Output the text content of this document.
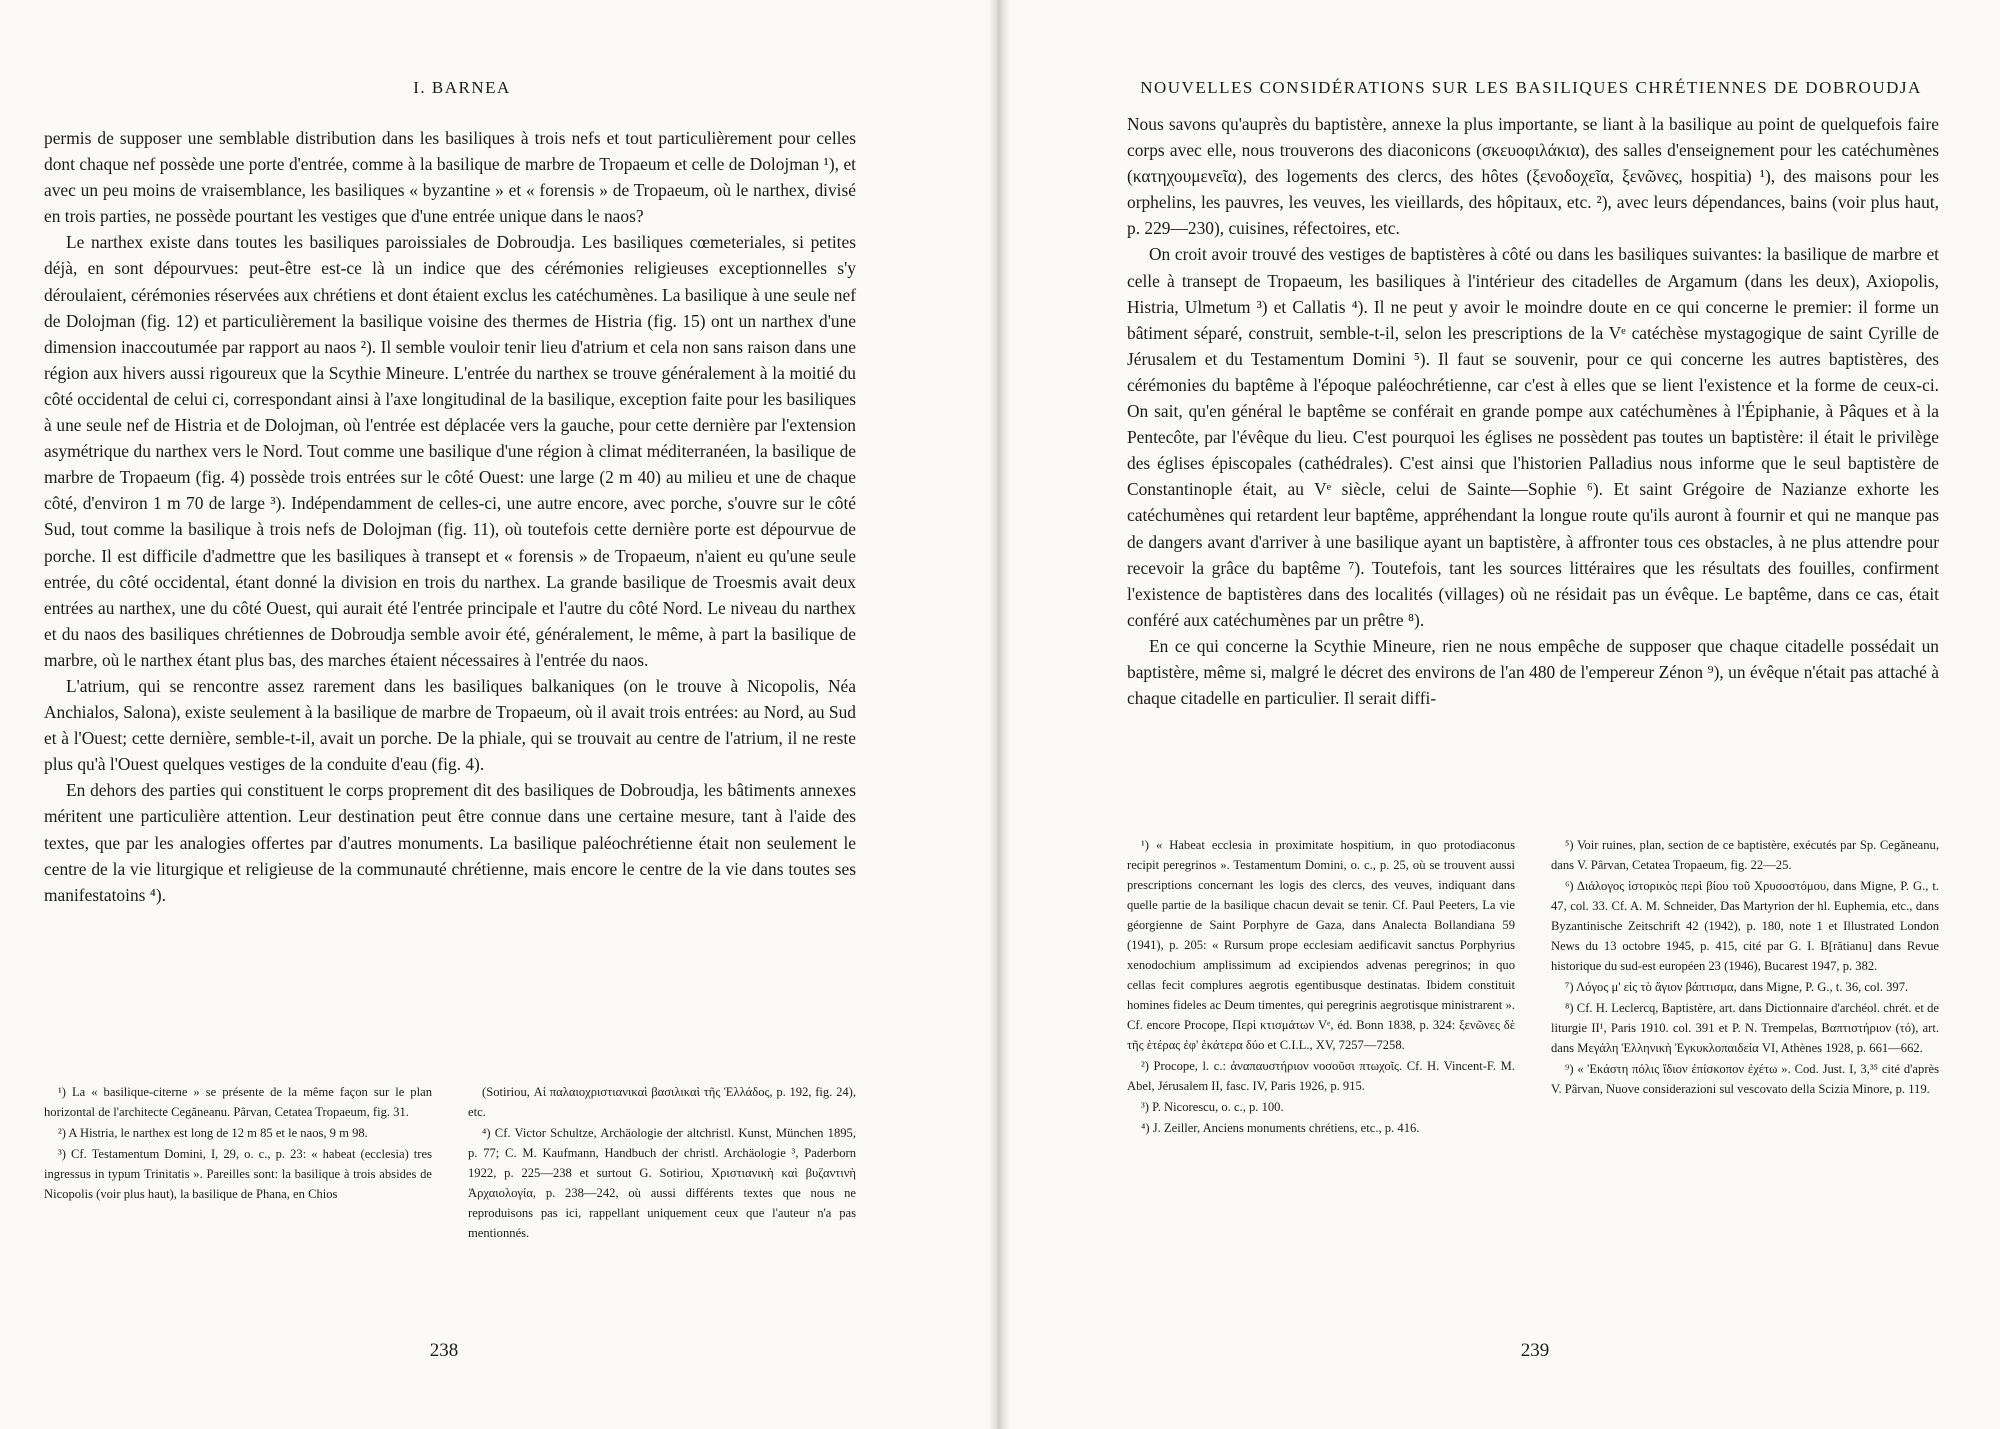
I. BARNEA

permis de supposer une semblable distribution dans les basiliques à trois nefs et tout particulièrement pour celles dont chaque nef possède une porte d'entrée, comme à la basilique de marbre de Tropaeum et celle de Dolojman ¹), et avec un peu moins de vraisemblance, les basiliques « byzantine » et « forensis » de Tropaeum, où le narthex, divisé en trois parties, ne possède pourtant les vestiges que d'une entrée unique dans le naos?

Le narthex existe dans toutes les basiliques paroissiales de Dobroudja. Les basiliques cœmeteriales, si petites déjà, en sont dépourvues: peut-être est-ce là un indice que des cérémonies religieuses exceptionnelles s'y déroulaient, cérémonies réservées aux chrétiens et dont étaient exclus les catéchumènes. La basilique à une seule nef de Dolojman (fig. 12) et particulièrement la basilique voisine des thermes de Histria (fig. 15) ont un narthex d'une dimension inaccoutumée par rapport au naos ²). Il semble vouloir tenir lieu d'atrium et cela non sans raison dans une région aux hivers aussi rigoureux que la Scythie Mineure. L'entrée du narthex se trouve généralement à la moitié du côté occidental de celui ci, correspondant ainsi à l'axe longitudinal de la basilique, exception faite pour les basiliques à une seule nef de Histria et de Dolojman, où l'entrée est déplacée vers la gauche, pour cette dernière par l'extension asymétrique du narthex vers le Nord. Tout comme une basilique d'une région à climat méditerranéen, la basilique de marbre de Tropaeum (fig. 4) possède trois entrées sur le côté Ouest: une large (2 m 40) au milieu et une de chaque côté, d'environ 1 m 70 de large ³). Indépendamment de celles-ci, une autre encore, avec porche, s'ouvre sur le côté Sud, tout comme la basilique à trois nefs de Dolojman (fig. 11), où toutefois cette dernière porte est dépourvue de porche. Il est difficile d'admettre que les basiliques à transept et « forensis » de Tropaeum, n'aient eu qu'une seule entrée, du côté occidental, étant donné la division en trois du narthex. La grande basilique de Troesmis avait deux entrées au narthex, une du côté Ouest, qui aurait été l'entrée principale et l'autre du côté Nord. Le niveau du narthex et du naos des basiliques chrétiennes de Dobroudja semble avoir été, généralement, le même, à part la basilique de marbre, où le narthex étant plus bas, des marches étaient nécessaires à l'entrée du naos.

L'atrium, qui se rencontre assez rarement dans les basiliques balkaniques (on le trouve à Nicopolis, Néa Anchialos, Salona), existe seulement à la basilique de marbre de Tropaeum, où il avait trois entrées: au Nord, au Sud et à l'Ouest; cette dernière, semble-t-il, avait un porche. De la phiale, qui se trouvait au centre de l'atrium, il ne reste plus qu'à l'Ouest quelques vestiges de la conduite d'eau (fig. 4).

En dehors des parties qui constituent le corps proprement dit des basiliques de Dobroudja, les bâtiments annexes méritent une particulière attention. Leur destination peut être connue dans une certaine mesure, tant à l'aide des textes, que par les analogies offertes par d'autres monuments. La basilique paléochrétienne était non seulement le centre de la vie liturgique et religieuse de la communauté chrétienne, mais encore le centre de la vie dans toutes ses manifestatoins ⁴).

¹) La « basilique-citerne » se présente de la même façon sur le plan horizontal de l'architecte Cegăneanu. Pârvan, Cetatea Tropaeum, fig. 31.

²) A Histria, le narthex est long de 12 m 85 et le naos, 9 m 98.

³) Cf. Testamentum Domini, I, 29, o. c., p. 23: « habeat (ecclesia) tres ingressus in typum Trinitatis ». Pareilles sont: la basilique à trois absides de Nicopolis (voir plus haut), la basilique de Phana, en Chios

(Sotiriou, Αἱ παλαιοχριστιανικαὶ βασιλικαὶ τῆς Ἑλλάδος, p. 192, fig. 24), etc.

⁴) Cf. Victor Schultze, Archäologie der altchristl. Kunst, München 1895, p. 77; C. M. Kaufmann, Handbuch der christl. Archäologie ³, Paderborn 1922, p. 225—238 et surtout G. Sotiriou, Χριστιανικὴ καὶ βυζαντινὴ Ἀρχαιολογία, p. 238—242, où aussi différents textes que nous ne reproduisons pas ici, rappellant uniquement ceux que l'auteur n'a pas mentionnés.

238
NOUVELLES CONSIDÉRATIONS SUR LES BASILIQUES CHRÉTIENNES DE DOBROUDJA

Nous savons qu'auprès du baptistère, annexe la plus importante, se liant à la basilique au point de quelquefois faire corps avec elle, nous trouverons des diaconicons (σκευοφιλάκια), des salles d'enseignement pour les catéchumènes (κατηχουμενεῖα), des logements des clercs, des hôtes (ξενοδοχεῖα, ξενῶνες, hospitia) ¹), des maisons pour les orphelins, les pauvres, les veuves, les vieillards, des hôpitaux, etc. ²), avec leurs dépendances, bains (voir plus haut, p. 229—230), cuisines, réfectoires, etc.

On croit avoir trouvé des vestiges de baptistères à côté ou dans les basiliques suivantes: la basilique de marbre et celle à transept de Tropaeum, les basiliques à l'intérieur des citadelles de Argamum (dans les deux), Axiopolis, Histria, Ulmetum ³) et Callatis ⁴). Il ne peut y avoir le moindre doute en ce qui concerne le premier: il forme un bâtiment séparé, construit, semble-t-il, selon les prescriptions de la Vᵉ catéchèse mystagogique de saint Cyrille de Jérusalem et du Testamentum Domini ⁵). Il faut se souvenir, pour ce qui concerne les autres baptistères, des cérémonies du baptême à l'époque paléochrétienne, car c'est à elles que se lient l'existence et la forme de ceux-ci. On sait, qu'en général le baptême se conférait en grande pompe aux catéchumènes à l'Épiphanie, à Pâques et à la Pentecôte, par l'évêque du lieu. C'est pourquoi les églises ne possèdent pas toutes un baptistère: il était le privilège des églises épiscopales (cathédrales). C'est ainsi que l'historien Palladius nous informe que le seul baptistère de Constantinople était, au Vᵉ siècle, celui de Sainte—Sophie ⁶). Et saint Grégoire de Nazianze exhorte les catéchumènes qui retardent leur baptême, appréhendant la longue route qu'ils auront à fournir et qui ne manque pas de dangers avant d'arriver à une basilique ayant un baptistère, à affronter tous ces obstacles, à ne plus attendre pour recevoir la grâce du baptême ⁷). Toutefois, tant les sources littéraires que les résultats des fouilles, confirment l'existence de baptistères dans des localités (villages) où ne résidait pas un évêque. Le baptême, dans ce cas, était conféré aux catéchumènes par un prêtre ⁸).

En ce qui concerne la Scythie Mineure, rien ne nous empêche de supposer que chaque citadelle possédait un baptistère, même si, malgré le décret des environs de l'an 480 de l'empereur Zénon ⁹), un évêque n'était pas attaché à chaque citadelle en particulier. Il serait diffi-

¹) « Habeat ecclesia in proximitate hospitium, in quo protodiaconus recipit peregrinos ». Testamentum Domini, o. c., p. 25, où se trouvent aussi prescriptions concernant les logis des clercs, des veuves, indiquant dans quelle partie de la basilique chacun devait se tenir. Cf. Paul Peeters, La vie géorgienne de Saint Porphyre de Gaza, dans Analecta Bollandiana 59 (1941), p. 205: « Rursum prope ecclesiam aedificavit sanctus Porphyrius xenodochium amplissimum ad excipiendos advenas peregrinos; in quo cellas fecit complures aegrotis egentibusque destinatas. Ibidem constituit homines fideles ac Deum timentes, qui peregrinis aegrotisque ministrarent ». Cf. encore Procope, Περὶ κτισμάτων Vᵉ, éd. Bonn 1838, p. 324: ξενῶνες δὲ τῆς ἑτέρας ἐφ' ἑκάτερα δύο et C.I.L., XV, 7257—7258.

²) Procope, l. c.: ἀναπαυστήριον νοσοῦσι πτωχοῖς. Cf. H. Vincent-F. M. Abel, Jérusalem II, fasc. IV, Paris 1926, p. 915.

³) P. Nicorescu, o. c., p. 100.

⁴) J. Zeiller, Anciens monuments chrétiens, etc., p. 416.

⁵) Voir ruines, plan, section de ce baptistère, exécutés par Sp. Cegăneanu, dans V. Pârvan, Cetatea Tropaeum, fig. 22—25.

⁶) Διάλογος ἱστορικὸς περὶ βίου τοῦ Χρυσοστόμου, dans Migne, P. G., t. 47, col. 33. Cf. A. M. Schneider, Das Martyrion der hl. Euphemia, etc., dans Byzantinische Zeitschrift 42 (1942), p. 180, note 1 et Illustrated London News du 13 octobre 1945, p. 415, cité par G. I. B[rătianu] dans Revue historique du sud-est européen 23 (1946), Bucarest 1947, p. 382.

⁷) Λόγος μ' εἰς τὸ ἅγιον βάπτισμα, dans Migne, P. G., t. 36, col. 397.

⁸) Cf. H. Leclercq, Baptistère, art. dans Dictionnaire d'archéol. chrét. et de liturgie II¹, Paris 1910. col. 391 et P. N. Trempelas, Βαπτιστήριον (τό), art. dans Μεγάλη Ἑλληνικὴ Ἐγκυκλοπαιδεία VI, Athènes 1928, p. 661—662.

⁹) « Ἑκάστη πόλις ἴδιον ἐπίσκοπον ἐχέτω ». Cod. Just. I, 3,³⁵ cité d'après V. Pârvan, Nuove considerazioni sul vescovato della Scizia Minore, p. 119.

239
